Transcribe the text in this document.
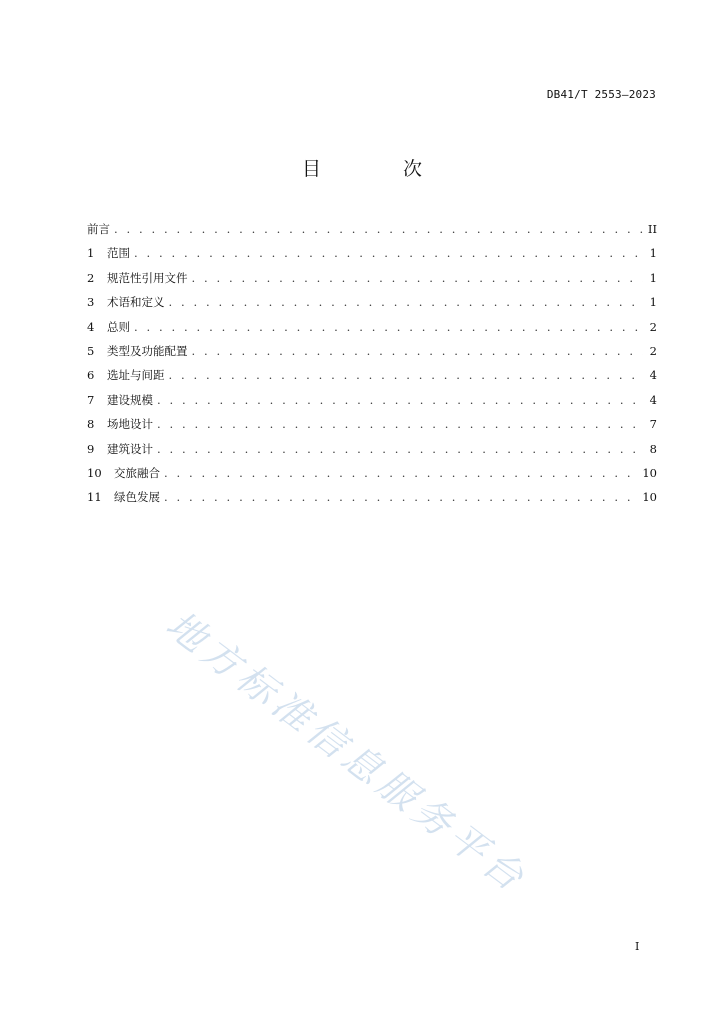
DB41/T 2553—2023
目 次
前言 . . .	II
1	范围 . . .	1
2	规范性引用文件 . . .	1
3	术语和定义 . . .	1
4	总则 . . .	2
5	类型及功能配置 . . .	2
6	选址与间距 . . .	4
7	建设规模 . . .	4
8	场地设计 . . .	7
9	建筑设计 . . .	8
10	交旅融合 . . .	10
11	绿色发展 . . .	10
地方标准信息服务平台
I
